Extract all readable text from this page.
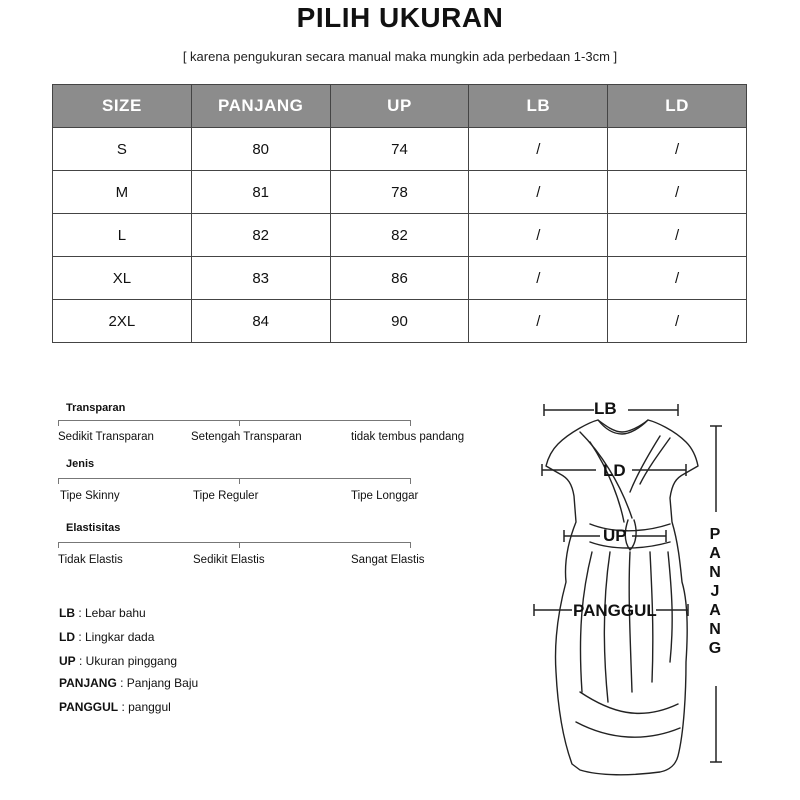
PILIH UKURAN
[ karena pengukuran secara manual maka mungkin ada perbedaan 1-3cm ]
SIZE	PANJANG	UP	LB	LD
S	80	74	/	/
M	81	78	/	/
L	82	82	/	/
XL	83	86	/	/
2XL	84	90	/	/
Transparan
Sedikit Transparan	Setengah Transparan	tidak tembus pandang
Jenis
Tipe Skinny	Tipe Reguler	Tipe Longgar
Elastisitas
Tidak Elastis	Sedikit Elastis	Sangat Elastis
LB : Lebar bahu
LD : Lingkar dada
UP : Ukuran pinggang
PANJANG : Panjang Baju
PANGGUL : panggul
LB
LD
UP
PANGGUL
P
A
N
J
A
N
G
